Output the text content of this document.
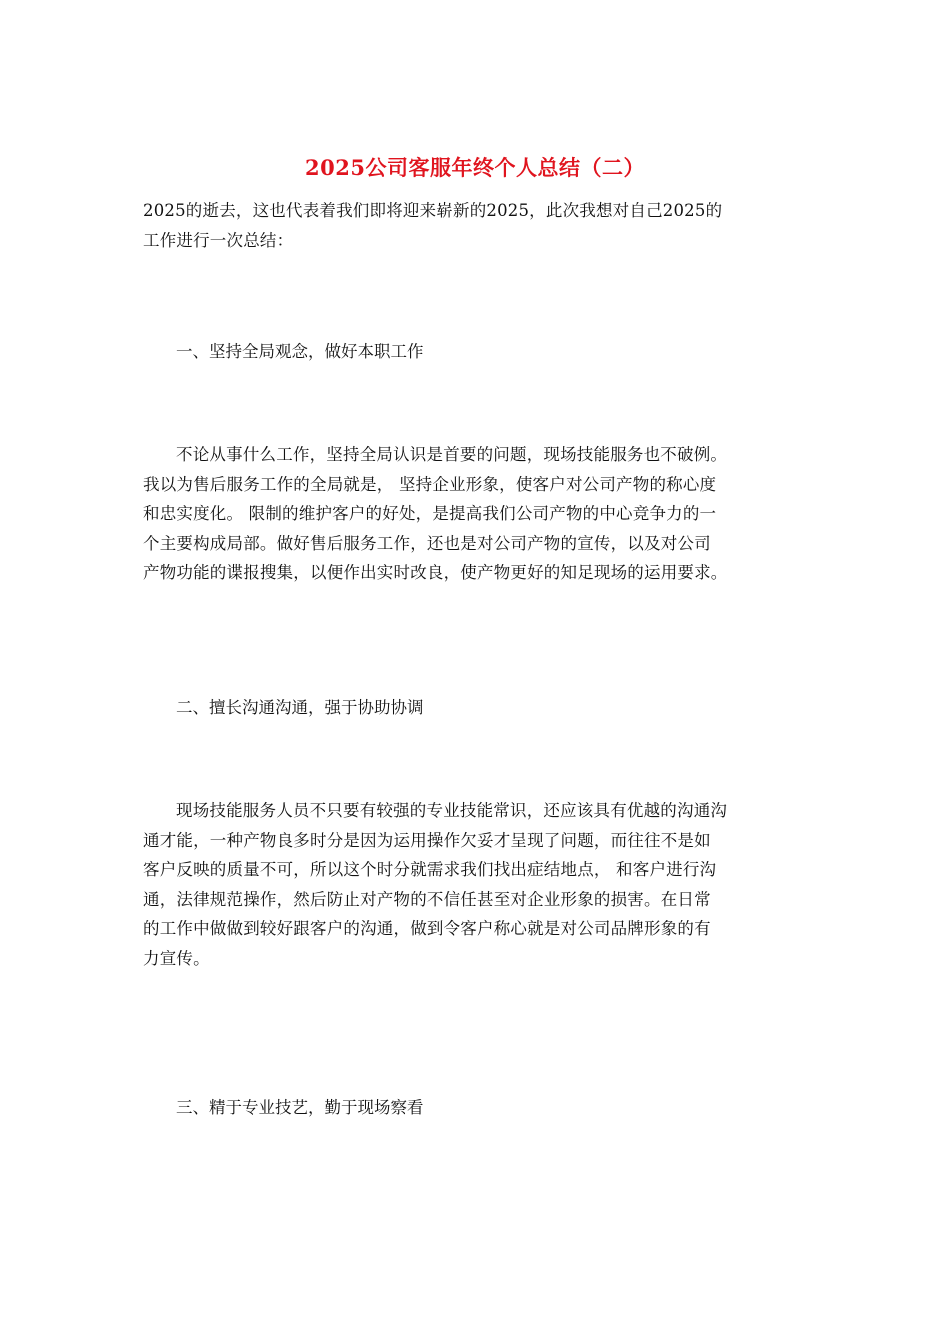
2025公司客服年终个人总结（二）

2025的逝去，这也代表着我们即将迎来崭新的2025，此次我想对自己2025的
工作进行一次总结：

一、坚持全局观念，做好本职工作

不论从事什么工作，坚持全局认识是首要的问题，现场技能服务也不破例。
我以为售后服务工作的全局就是， 坚持企业形象，使客户对公司产物的称心度
和忠实度化。 限制的维护客户的好处，是提高我们公司产物的中心竞争力的一
个主要构成局部。做好售后服务工作，还也是对公司产物的宣传，以及对公司
产物功能的谍报搜集，以便作出实时改良，使产物更好的知足现场的运用要求。

二、擅长沟通沟通，强于协助协调

现场技能服务人员不只要有较强的专业技能常识，还应该具有优越的沟通沟
通才能，一种产物良多时分是因为运用操作欠妥才呈现了问题，而往往不是如
客户反映的质量不可，所以这个时分就需求我们找出症结地点， 和客户进行沟
通，法律规范操作，然后防止对产物的不信任甚至对企业形象的损害。在日常
的工作中做做到较好跟客户的沟通，做到令客户称心就是对公司品牌形象的有
力宣传。

三、精于专业技艺，勤于现场察看
